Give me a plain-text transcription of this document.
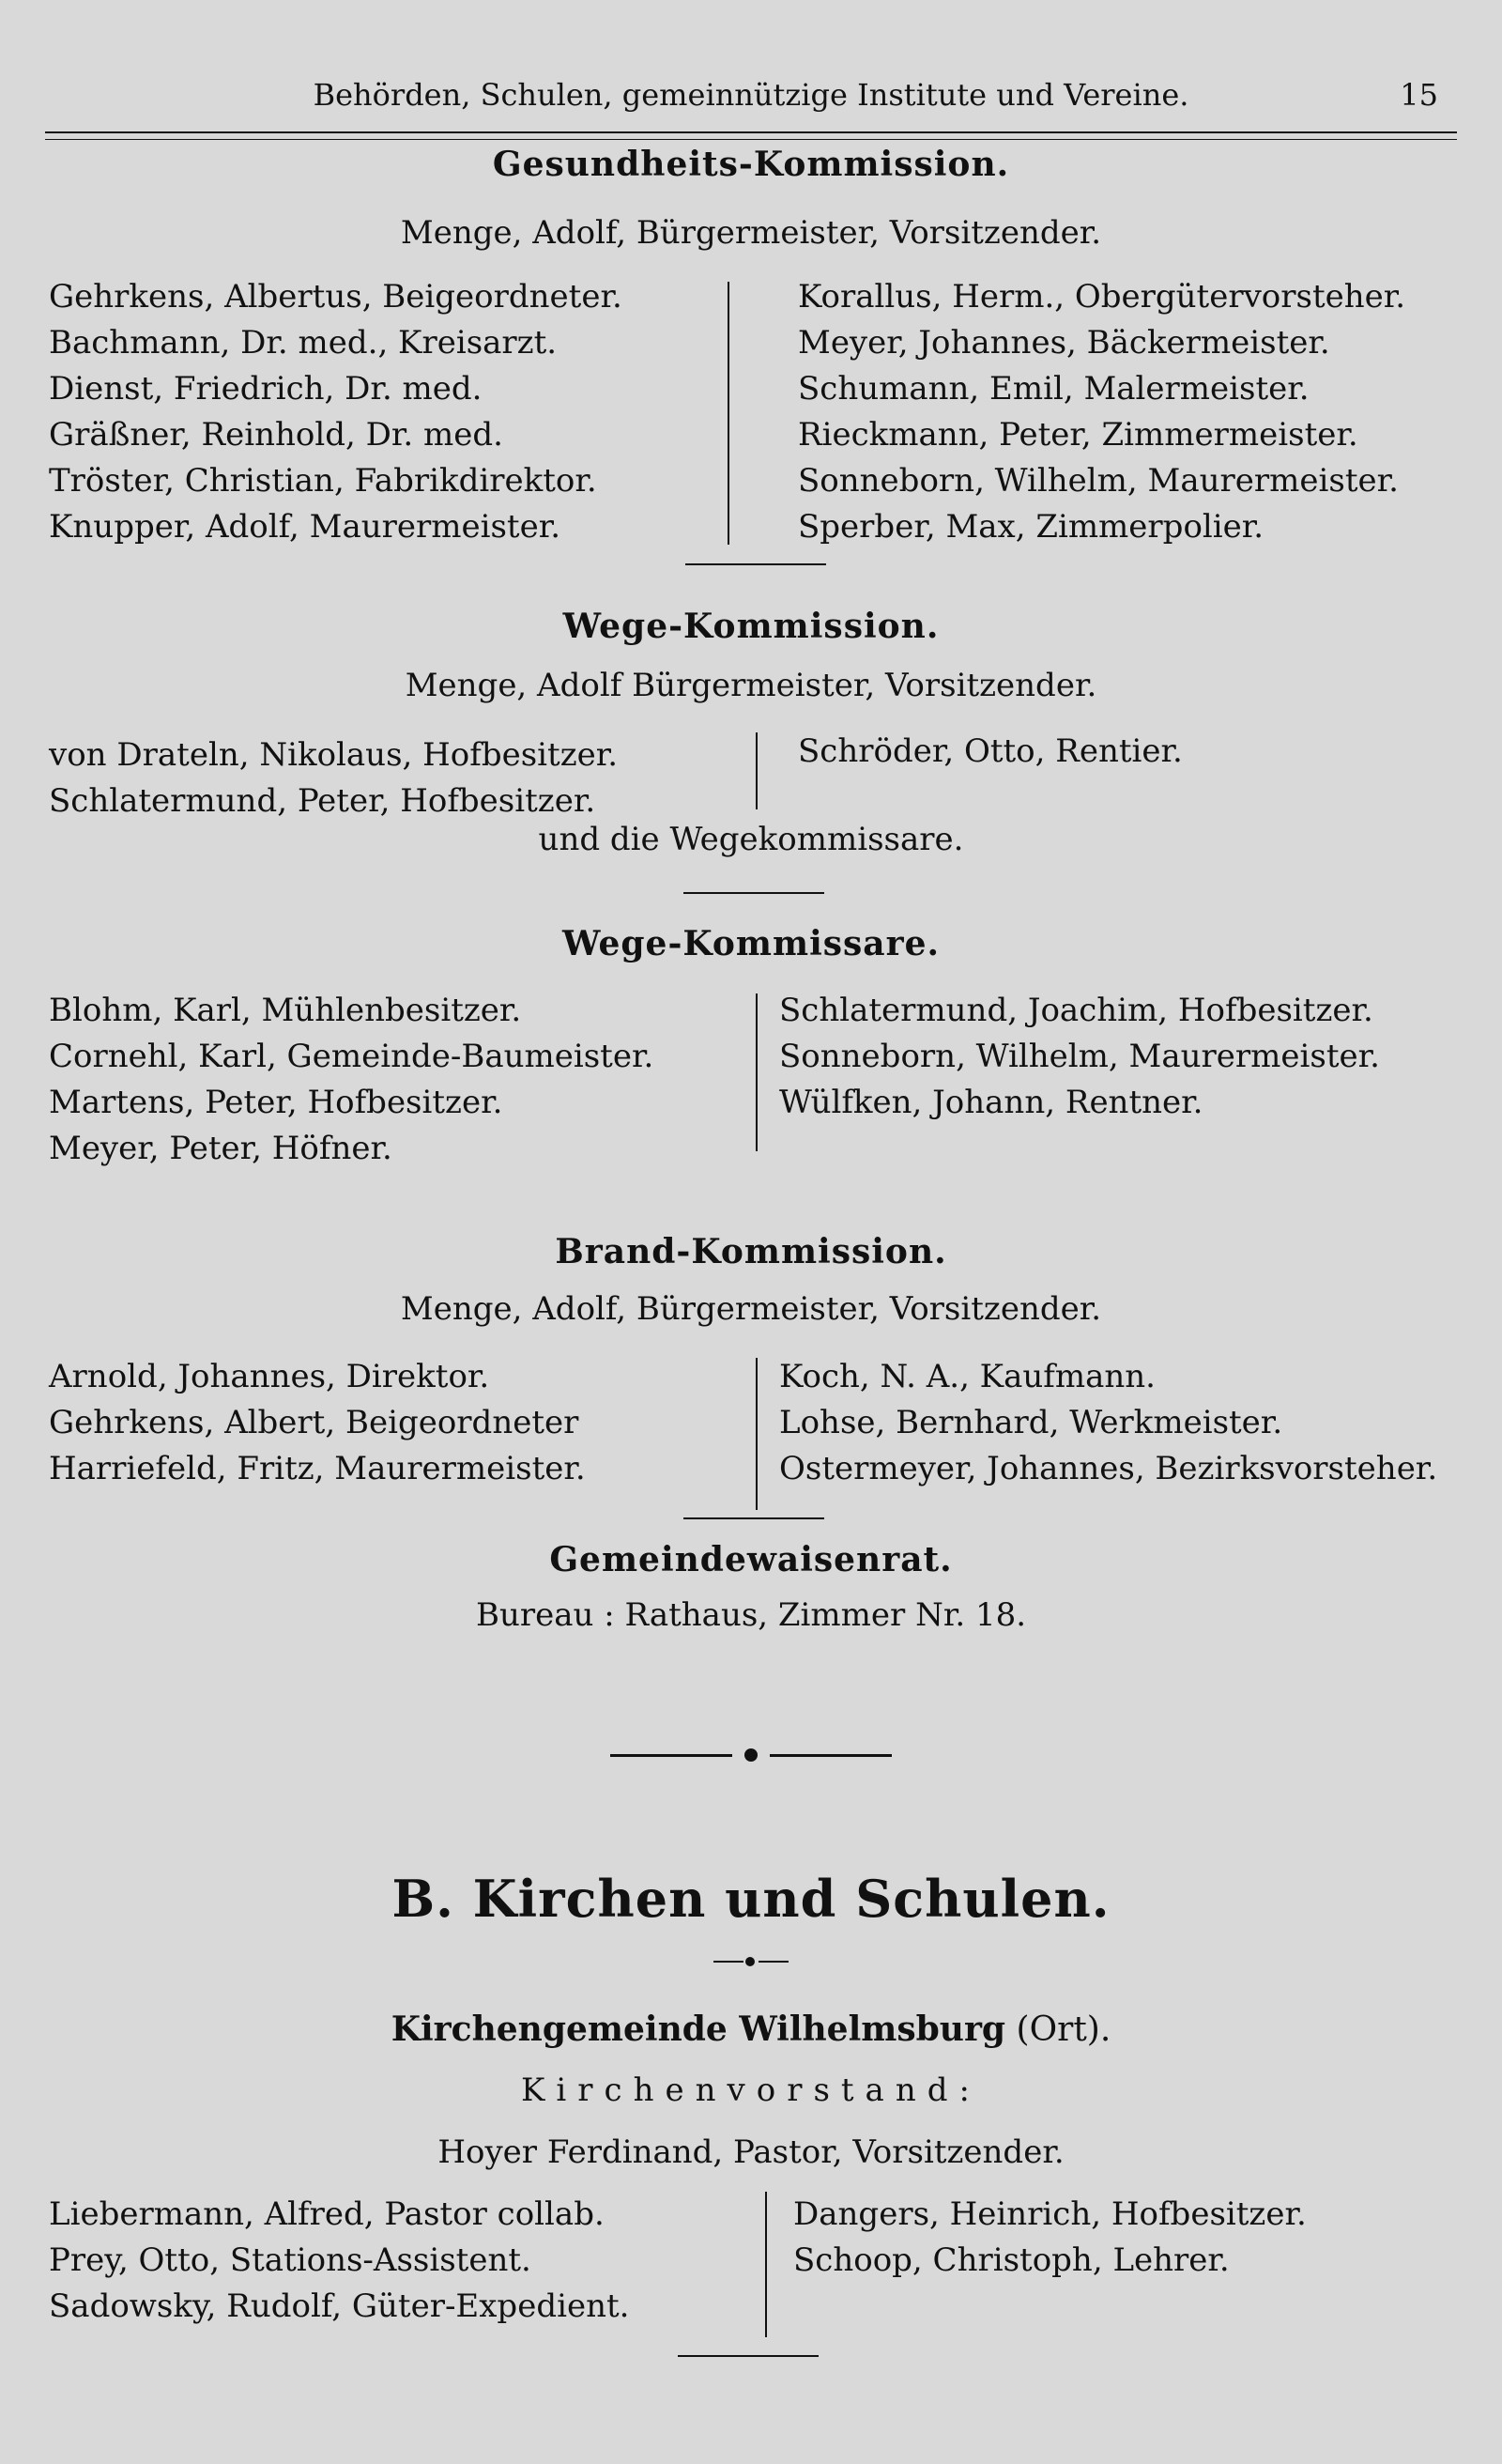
Behörden, Schulen, gemeinnützige Institute und Vereine.	15
Gesundheits-Kommission.
Menge, Adolf, Bürgermeister, Vorsitzender.
Gehrkens, Albertus, Beigeordneter.
Bachmann, Dr. med., Kreisarzt.
Dienst, Friedrich, Dr. med.
Gräßner, Reinhold, Dr. med.
Tröster, Christian, Fabrikdirektor.
Knupper, Adolf, Maurermeister.
Korallus, Herm., Obergütervorsteher.
Meyer, Johannes, Bäckermeister.
Schumann, Emil, Malermeister.
Rieckmann, Peter, Zimmermeister.
Sonneborn, Wilhelm, Maurermeister.
Sperber, Max, Zimmerpolier.
Wege-Kommission.
Menge, Adolf Bürgermeister, Vorsitzender.
von Drateln, Nikolaus, Hofbesitzer.
Schlatermund, Peter, Hofbesitzer.
Schröder, Otto, Rentier.
und die Wegekommissare.
Wege-Kommissare.
Blohm, Karl, Mühlenbesitzer.
Cornehl, Karl, Gemeinde-Baumeister.
Martens, Peter, Hofbesitzer.
Meyer, Peter, Höfner.
Schlatermund, Joachim, Hofbesitzer.
Sonneborn, Wilhelm, Maurermeister.
Wülfken, Johann, Rentner.
Brand-Kommission.
Menge, Adolf, Bürgermeister, Vorsitzender.
Arnold, Johannes, Direktor.
Gehrkens, Albert, Beigeordneter
Harriefeld, Fritz, Maurermeister.
Koch, N. A., Kaufmann.
Lohse, Bernhard, Werkmeister.
Ostermeyer, Johannes, Bezirksvorsteher.
Gemeindewaisenrat.
Bureau : Rathaus, Zimmer Nr. 18.
B. Kirchen und Schulen.
Kirchengemeinde Wilhelmsburg (Ort).
Kirchenvorstand:
Hoyer Ferdinand, Pastor, Vorsitzender.
Liebermann, Alfred, Pastor collab.
Prey, Otto, Stations-Assistent.
Sadowsky, Rudolf, Güter-Expedient.
Dangers, Heinrich, Hofbesitzer.
Schoop, Christoph, Lehrer.
